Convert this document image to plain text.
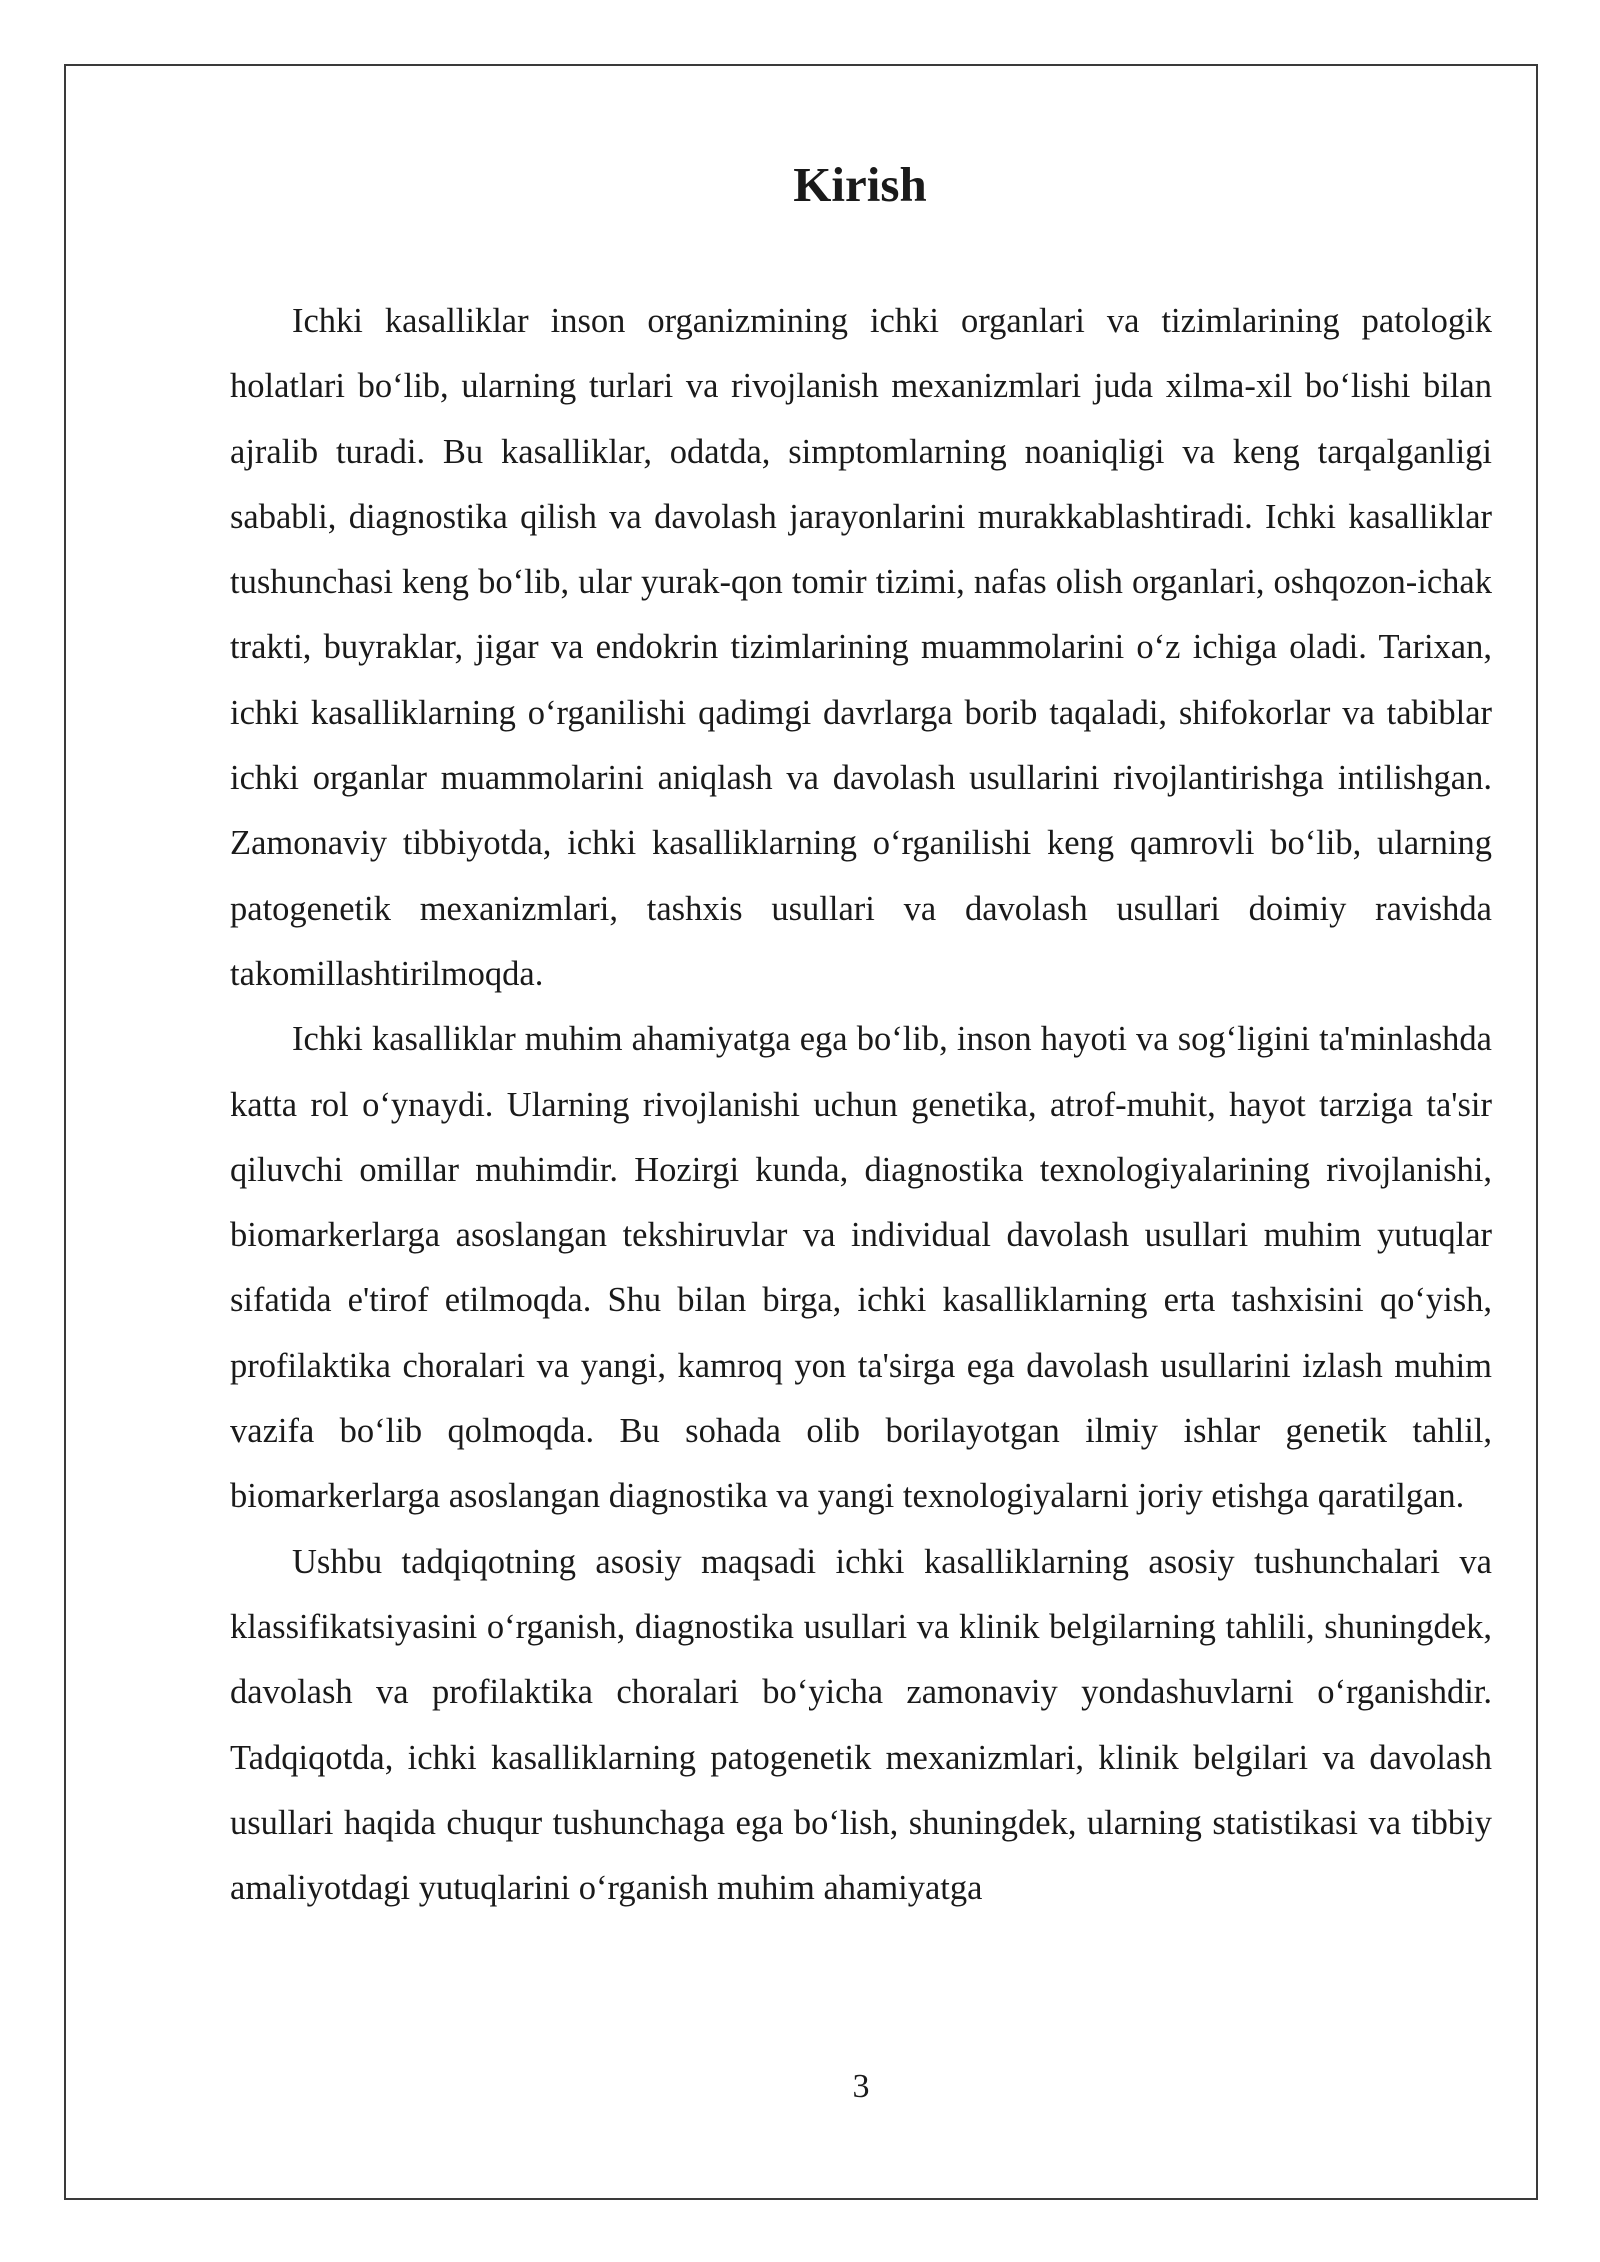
Kirish

Ichki kasalliklar inson organizmining ichki organlari va tizimlarining patologik holatlari bo‘lib, ularning turlari va rivojlanish mexanizmlari juda xilma-xil bo‘lishi bilan ajralib turadi. Bu kasalliklar, odatda, simptomlarning noaniqligi va keng tarqalganligi sababli, diagnostika qilish va davolash jarayonlarini murakkablashtiradi. Ichki kasalliklar tushunchasi keng bo‘lib, ular yurak-qon tomir tizimi, nafas olish organlari, oshqozon-ichak trakti, buyraklar, jigar va endokrin tizimlarining muammolarini o‘z ichiga oladi. Tarixan, ichki kasalliklarning o‘rganilishi qadimgi davrlarga borib taqaladi, shifokorlar va tabiblar ichki organlar muammolarini aniqlash va davolash usullarini rivojlantirishga intilishgan. Zamonaviy tibbiyotda, ichki kasalliklarning o‘rganilishi keng qamrovli bo‘lib, ularning patogenetik mexanizmlari, tashxis usullari va davolash usullari doimiy ravishda takomillashtirilmoqda.

Ichki kasalliklar muhim ahamiyatga ega bo‘lib, inson hayoti va sog‘ligini ta'minlashda katta rol o‘ynaydi. Ularning rivojlanishi uchun genetika, atrof-muhit, hayot tarziga ta'sir qiluvchi omillar muhimdir. Hozirgi kunda, diagnostika texnologiyalarining rivojlanishi, biomarkerlarga asoslangan tekshiruvlar va individual davolash usullari muhim yutuqlar sifatida e'tirof etilmoqda. Shu bilan birga, ichki kasalliklarning erta tashxisini qo‘yish, profilaktika choralari va yangi, kamroq yon ta'sirga ega davolash usullarini izlash muhim vazifa bo‘lib qolmoqda. Bu sohada olib borilayotgan ilmiy ishlar genetik tahlil, biomarkerlarga asoslangan diagnostika va yangi texnologiyalarni joriy etishga qaratilgan.

Ushbu tadqiqotning asosiy maqsadi ichki kasalliklarning asosiy tushunchalari va klassifikatsiyasini o‘rganish, diagnostika usullari va klinik belgilarning tahlili, shuningdek, davolash va profilaktika choralari bo‘yicha zamonaviy yondashuvlarni o‘rganishdir. Tadqiqotda, ichki kasalliklarning patogenetik mexanizmlari, klinik belgilari va davolash usullari haqida chuqur tushunchaga ega bo‘lish, shuningdek, ularning statistikasi va tibbiy amaliyotdagi yutuqlarini o‘rganish muhim ahamiyatga

3
